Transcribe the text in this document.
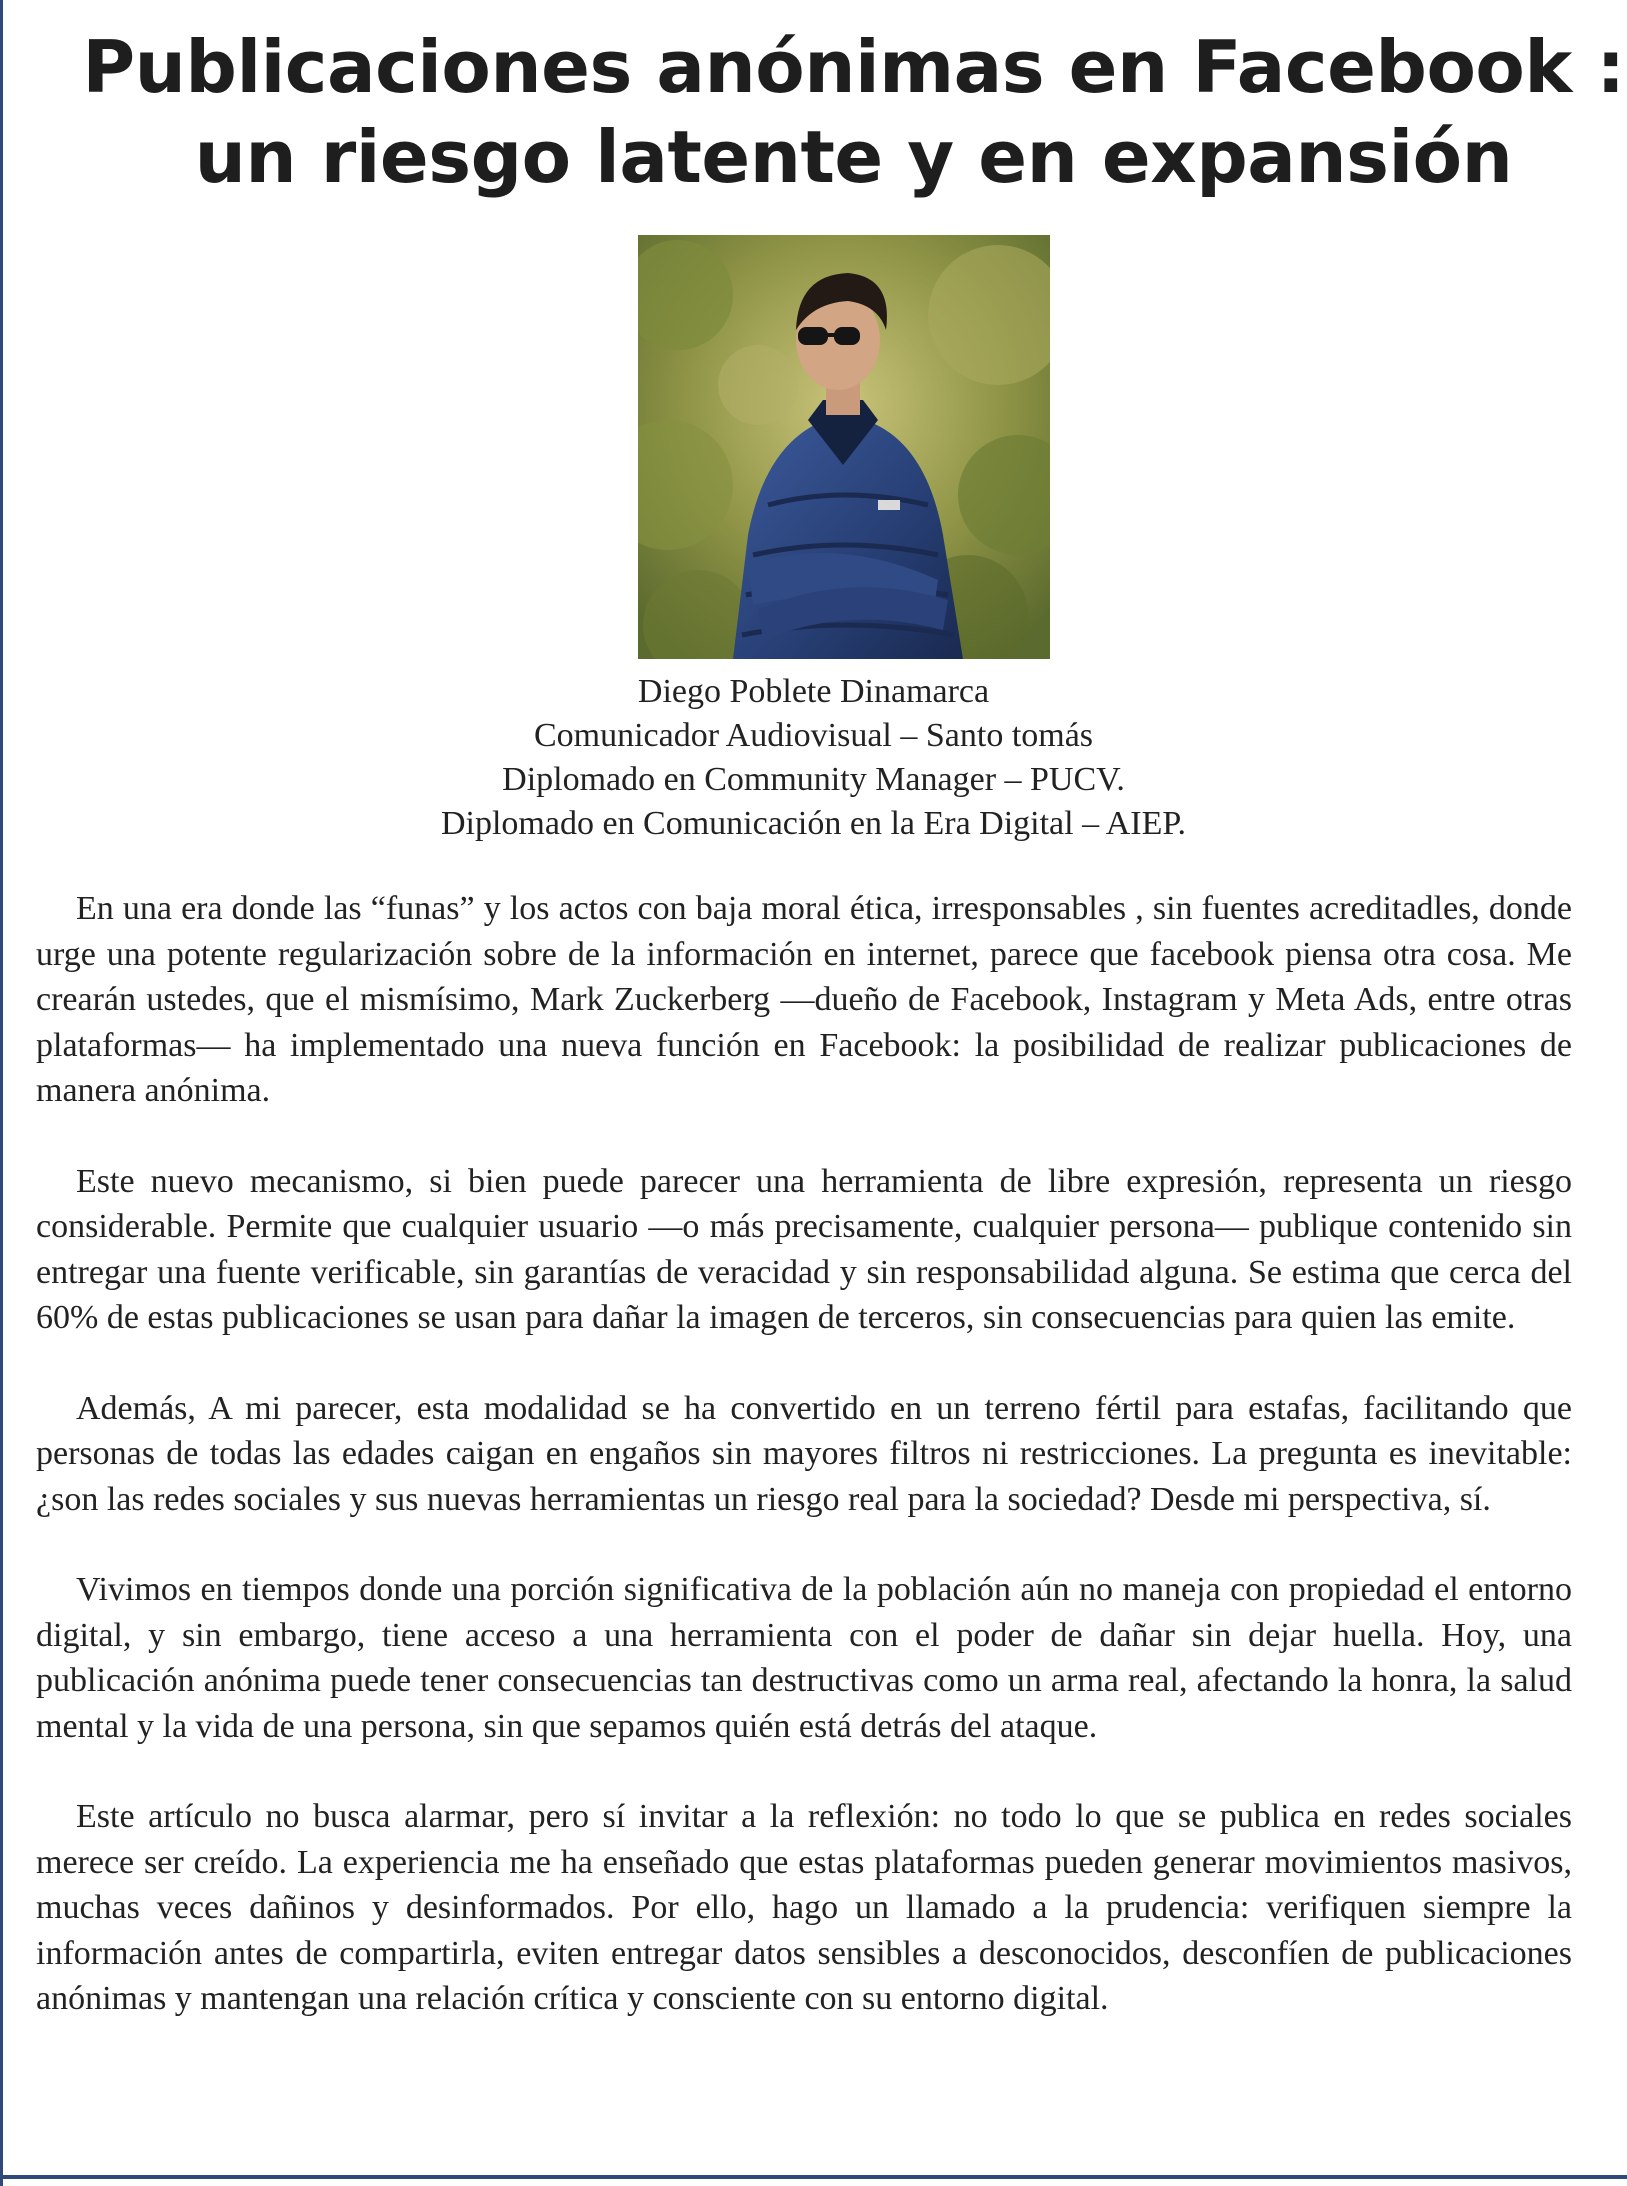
Publicaciones anónimas en Facebook :
un riesgo latente y en expansión
Diego Poblete Dinamarca
Comunicador Audiovisual – Santo tomás
Diplomado en Community Manager – PUCV.
Diplomado en Comunicación en la Era Digital – AIEP.

En una era donde las “funas” y los actos con baja moral ética, irresponsables , sin fuentes acreditadles, donde urge una potente regularización sobre de la información en internet, parece que facebook piensa otra cosa. Me crearán ustedes, que el mismísimo, Mark Zuckerberg —dueño de Facebook, Instagram y Meta Ads, entre otras plataformas— ha implementado una nueva función en Facebook: la posibilidad de realizar publicaciones de manera anónima.

Este nuevo mecanismo, si bien puede parecer una herramienta de libre expresión, representa un riesgo considerable. Permite que cualquier usuario —o más precisamente, cualquier persona— publique contenido sin entregar una fuente verificable, sin garantías de veracidad y sin responsabilidad alguna. Se estima que cerca del 60% de estas publicaciones se usan para dañar la imagen de terceros, sin consecuencias para quien las emite.

Además, A mi parecer, esta modalidad se ha convertido en un terreno fértil para estafas, facilitando que personas de todas las edades caigan en engaños sin mayores filtros ni restricciones. La pregunta es inevitable: ¿son las redes sociales y sus nuevas herramientas un riesgo real para la sociedad? Desde mi perspectiva, sí.

Vivimos en tiempos donde una porción significativa de la población aún no maneja con propiedad el entorno digital, y sin embargo, tiene acceso a una herramienta con el poder de dañar sin dejar huella. Hoy, una publicación anónima puede tener consecuencias tan destructivas como un arma real, afectando la honra, la salud mental y la vida de una persona, sin que sepamos quién está detrás del ataque.

Este artículo no busca alarmar, pero sí invitar a la reflexión: no todo lo que se publica en redes sociales merece ser creído. La experiencia me ha enseñado que estas plataformas pueden generar movimientos masivos, muchas veces dañinos y desinformados. Por ello, hago un llamado a la prudencia: verifiquen siempre la información antes de compartirla, eviten entregar datos sensibles a desconocidos, desconfíen de publicaciones anónimas y mantengan una relación crítica y consciente con su entorno digital.
